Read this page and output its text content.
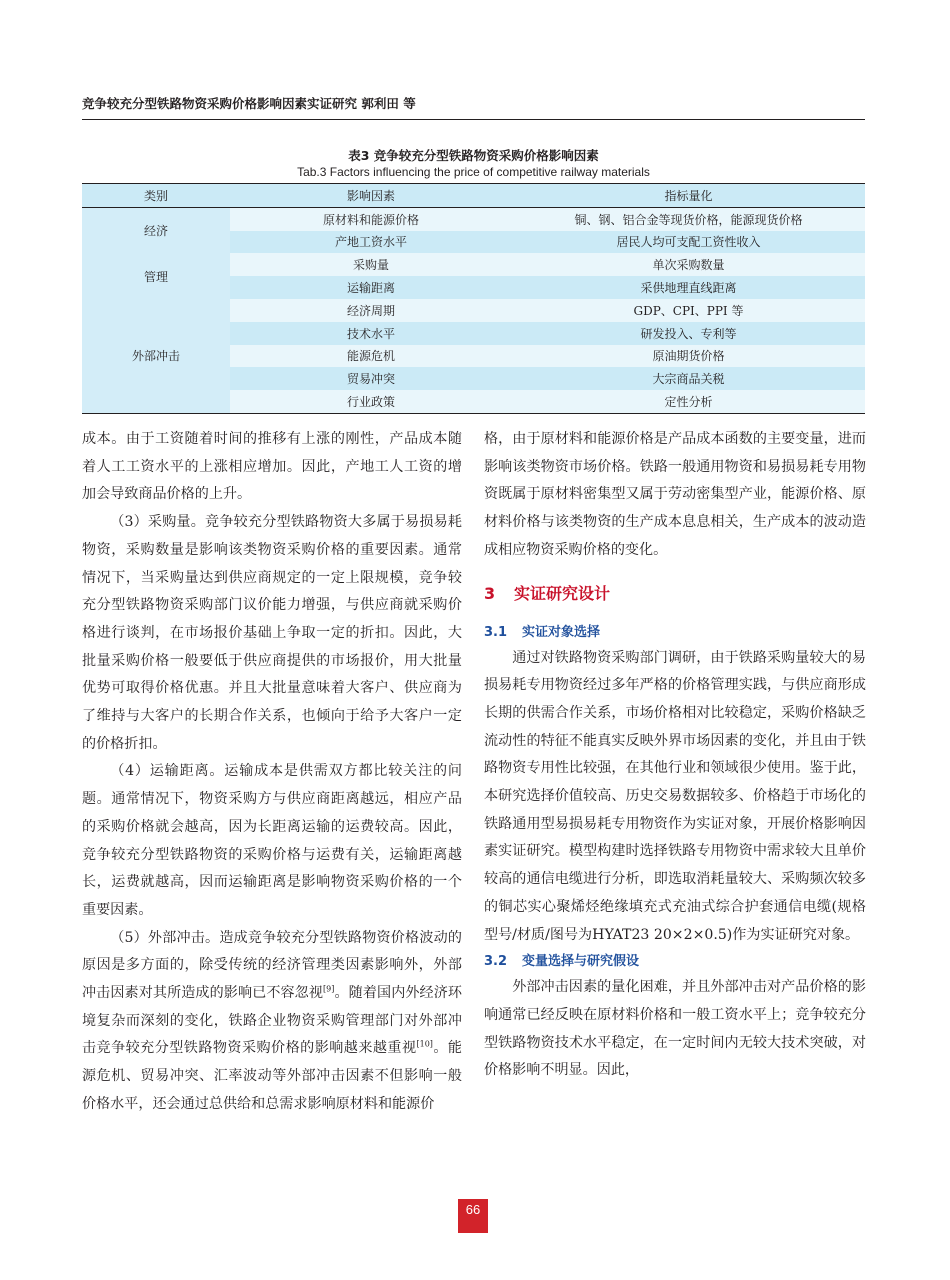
竞争较充分型铁路物资采购价格影响因素实证研究 郭利田 等
表3 竞争较充分型铁路物资采购价格影响因素
Tab.3 Factors influencing the price of competitive railway materials
类别	影响因素	指标量化
经济	原材料和能源价格	铜、钢、铝合金等现货价格，能源现货价格
	产地工资水平	居民人均可支配工资性收入
管理	采购量	单次采购数量
	运输距离	采供地理直线距离
外部冲击	经济周期	GDP、CPI、PPI 等
	技术水平	研发投入、专利等
	能源危机	原油期货价格
	贸易冲突	大宗商品关税
	行业政策	定性分析

成本。由于工资随着时间的推移有上涨的刚性，产品成本随着人工工资水平的上涨相应增加。因此，产地工人工资的增加会导致商品价格的上升。

（3）采购量。竞争较充分型铁路物资大多属于易损易耗物资，采购数量是影响该类物资采购价格的重要因素。通常情况下，当采购量达到供应商规定的一定上限规模，竞争较充分型铁路物资采购部门议价能力增强，与供应商就采购价格进行谈判，在市场报价基础上争取一定的折扣。因此，大批量采购价格一般要低于供应商提供的市场报价，用大批量优势可取得价格优惠。并且大批量意味着大客户、供应商为了维持与大客户的长期合作关系，也倾向于给予大客户一定的价格折扣。

（4）运输距离。运输成本是供需双方都比较关注的问题。通常情况下，物资采购方与供应商距离越远，相应产品的采购价格就会越高，因为长距离运输的运费较高。因此，竞争较充分型铁路物资的采购价格与运费有关，运输距离越长，运费就越高，因而运输距离是影响物资采购价格的一个重要因素。

（5）外部冲击。造成竞争较充分型铁路物资价格波动的原因是多方面的，除受传统的经济管理类因素影响外，外部冲击因素对其所造成的影响已不容忽视[9]。随着国内外经济环境复杂而深刻的变化，铁路企业物资采购管理部门对外部冲击竞争较充分型铁路物资采购价格的影响越来越重视[10]。能源危机、贸易冲突、汇率波动等外部冲击因素不但影响一般价格水平，还会通过总供给和总需求影响原材料和能源价

格，由于原材料和能源价格是产品成本函数的主要变量，进而影响该类物资市场价格。铁路一般通用物资和易损易耗专用物资既属于原材料密集型又属于劳动密集型产业，能源价格、原材料价格与该类物资的生产成本息息相关，生产成本的波动造成相应物资采购价格的变化。

3 实证研究设计
3.1 实证对象选择

通过对铁路物资采购部门调研，由于铁路采购量较大的易损易耗专用物资经过多年严格的价格管理实践，与供应商形成长期的供需合作关系，市场价格相对比较稳定，采购价格缺乏流动性的特征不能真实反映外界市场因素的变化，并且由于铁路物资专用性比较强，在其他行业和领域很少使用。鉴于此，本研究选择价值较高、历史交易数据较多、价格趋于市场化的铁路通用型易损易耗专用物资作为实证对象，开展价格影响因素实证研究。模型构建时选择铁路专用物资中需求较大且单价较高的通信电缆进行分析，即选取消耗量较大、采购频次较多的铜芯实心聚烯烃绝缘填充式充油式综合护套通信电缆(规格型号/材质/图号为HYAT23 20×2×0.5)作为实证研究对象。

3.2 变量选择与研究假设

外部冲击因素的量化困难，并且外部冲击对产品价格的影响通常已经反映在原材料价格和一般工资水平上；竞争较充分型铁路物资技术水平稳定，在一定时间内无较大技术突破，对价格影响不明显。因此，

66
